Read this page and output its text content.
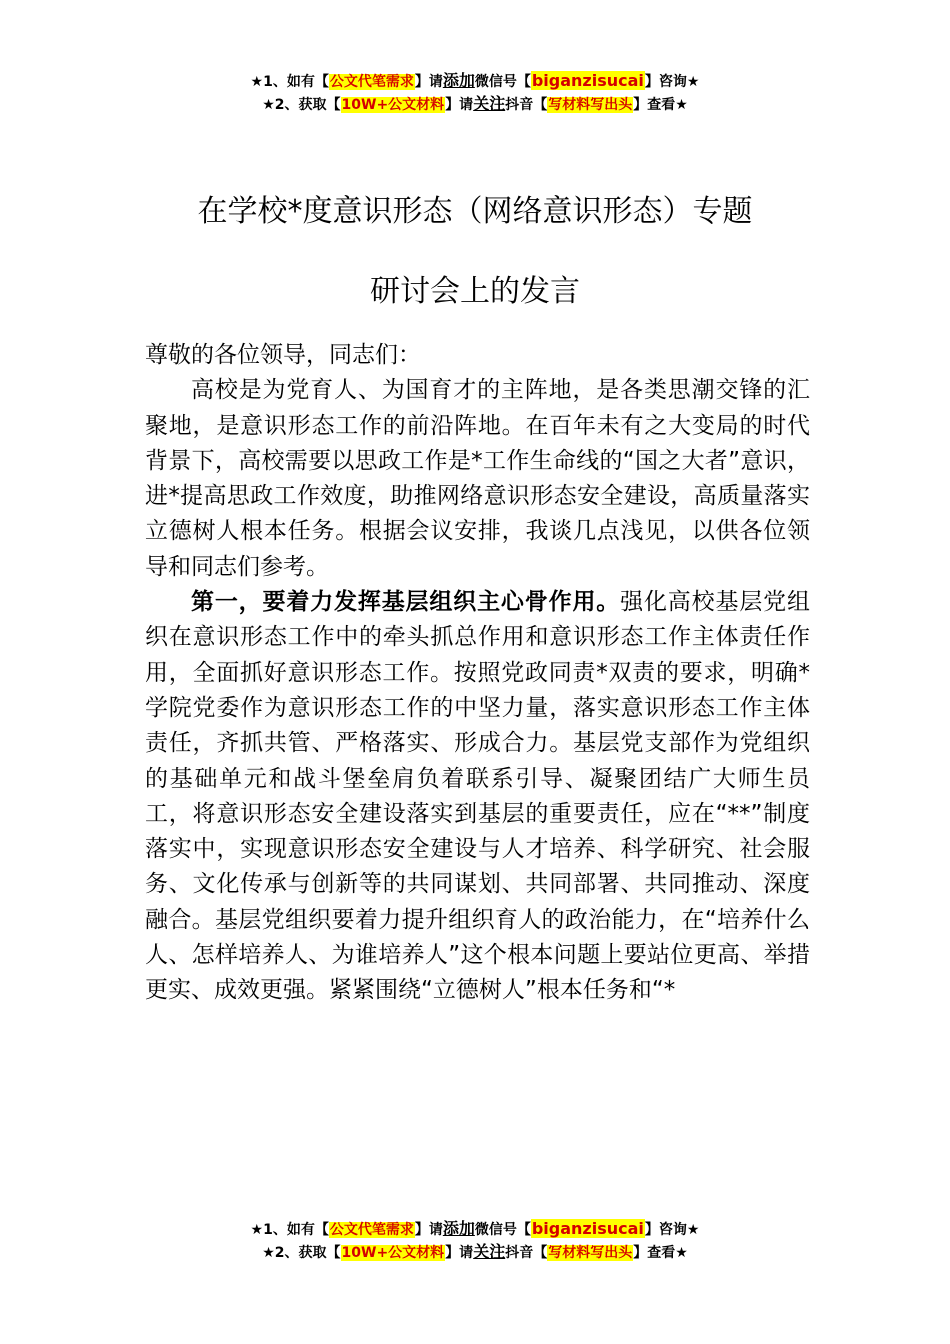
★1、如有【公文代笔需求】请添加微信号【biganzisucai】咨询★
★2、获取【10W+公文材料】请关注抖音【写材料写出头】查看★
在学校*度意识形态（网络意识形态）专题
研讨会上的发言

尊敬的各位领导，同志们：

高校是为党育人、为国育才的主阵地，是各类思潮交锋的汇聚地，是意识形态工作的前沿阵地。在百年未有之大变局的时代背景下，高校需要以思政工作是*工作生命线的“国之大者”意识，进*提高思政工作效度，助推网络意识形态安全建设，高质量落实立德树人根本任务。根据会议安排，我谈几点浅见，以供各位领导和同志们参考。

第一，要着力发挥基层组织主心骨作用。强化高校基层党组织在意识形态工作中的牵头抓总作用和意识形态工作主体责任作用，全面抓好意识形态工作。按照党政同责*双责的要求，明确*学院党委作为意识形态工作的中坚力量，落实意识形态工作主体责任，齐抓共管、严格落实、形成合力。基层党支部作为党组织的基础单元和战斗堡垒肩负着联系引导、凝聚团结广大师生员工，将意识形态安全建设落实到基层的重要责任，应在“**”制度落实中，实现意识形态安全建设与人才培养、科学研究、社会服务、文化传承与创新等的共同谋划、共同部署、共同推动、深度融合。基层党组织要着力提升组织育人的政治能力，在“培养什么人、怎样培养人、为谁培养人”这个根本问题上要站位更高、举措更实、成效更强。紧紧围绕“立德树人”根本任务和“*

★1、如有【公文代笔需求】请添加微信号【biganzisucai】咨询★
★2、获取【10W+公文材料】请关注抖音【写材料写出头】查看★
